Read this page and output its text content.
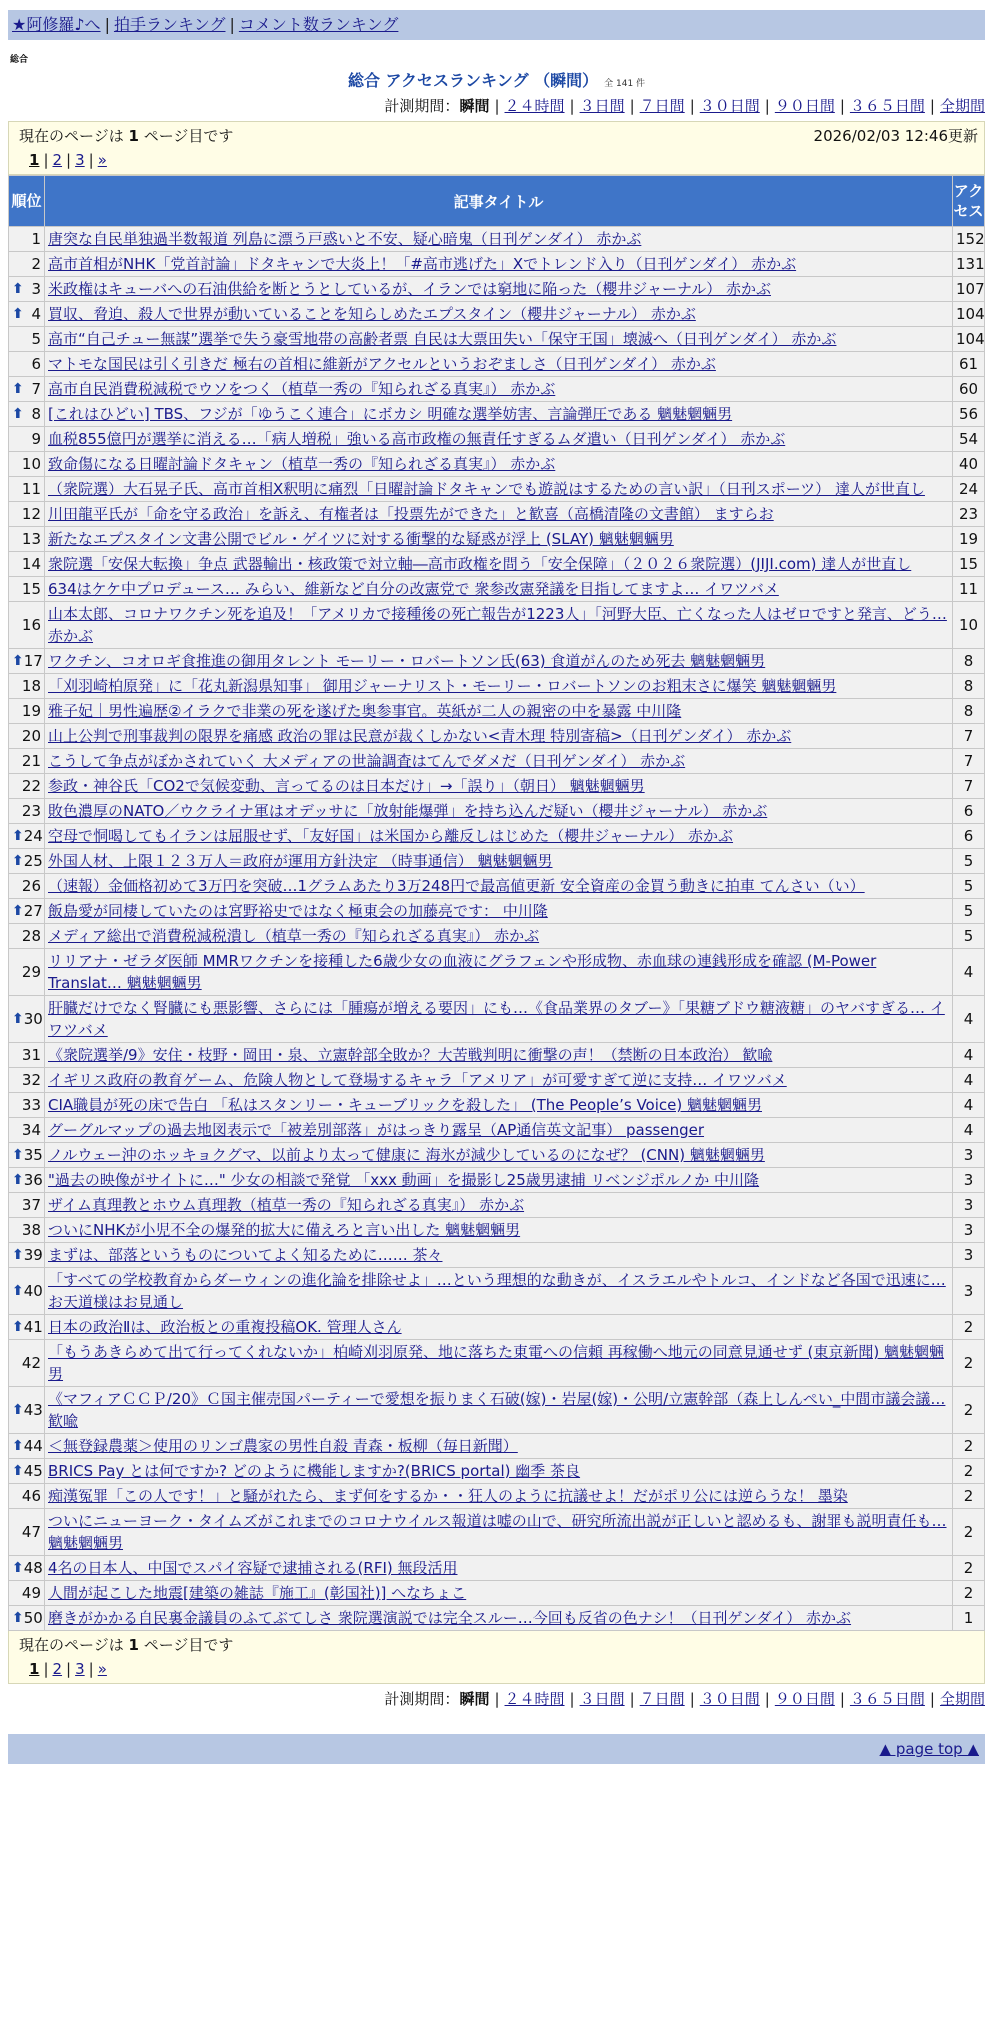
★阿修羅♪へ | 拍手ランキング | コメント数ランキング
総合
総合 アクセスランキング （瞬間） 全 141 件
計測期間：瞬間 | ２４時間 | ３日間 | ７日間 | ３０日間 | ９０日間 | ３６５日間 | 全期間
現在のページは 1 ページ目です	2026/02/03 12:46更新
1 | 2 | 3 | »
順位	記事タイトル	アクセス
1	唐突な自民単独過半数報道 列島に漂う戸惑いと不安、疑心暗鬼（日刊ゲンダイ） 赤かぶ	152
2	高市首相がNHK「党首討論」ドタキャンで大炎上！「#高市逃げた」Xでトレンド入り（日刊ゲンダイ） 赤かぶ	131

⬆ 3	米政権はキューバへの石油供給を断とうとしているが、イランでは窮地に陥った（櫻井ジャーナル） 赤かぶ	107

⬆ 4	買収、脅迫、殺人で世界が動いていることを知らしめたエプスタイン（櫻井ジャーナル） 赤かぶ	104
5	高市“自己チュー無謀”選挙で失う豪雪地帯の高齢者票 自民は大票田失い「保守王国」壊滅へ（日刊ゲンダイ） 赤かぶ	104
6	マトモな国民は引く引きだ 極右の首相に維新がアクセルというおぞましさ（日刊ゲンダイ） 赤かぶ	61

⬆ 7	高市自民消費税減税でウソをつく（植草一秀の『知られざる真実』） 赤かぶ	60

⬆ 8	[これはひどい] TBS、フジが「ゆうこく連合」にボカシ 明確な選挙妨害、言論弾圧である 魑魅魍魎男	56
9	血税855億円が選挙に消える…「病人増税」強いる高市政権の無責任すぎるムダ遣い（日刊ゲンダイ） 赤かぶ	54
10	致命傷になる日曜討論ドタキャン（植草一秀の『知られざる真実』） 赤かぶ	40
11	（衆院選）大石晃子氏、高市首相X釈明に痛烈「日曜討論ドタキャンでも遊説はするための言い訳」（日刊スポーツ） 達人が世直し	24
12	川田龍平氏が「命を守る政治」を訴え、有権者は「投票先ができた」と歓喜（高橋清隆の文書館） ますらお	23
13	新たなエプスタイン文書公開でビル・ゲイツに対する衝撃的な疑惑が浮上 (SLAY) 魑魅魍魎男	19
14	衆院選「安保大転換」争点 武器輸出・核政策で対立軸―高市政権を問う「安全保障」（２０２６衆院選）(JIJI.com) 達人が世直し	15
15	634はケケ中プロデュース… みらい、維新など自分の改憲党で 衆参改憲発議を目指してますよ… イワツバメ	11
16	山本太郎、コロナワクチン死を追及！「アメリカで接種後の死亡報告が1223人」「河野大臣、亡くなった人はゼロですと発言、どう… 赤かぶ	10

⬆ 17	ワクチン、コオロギ食推進の御用タレント モーリー・ロバートソン氏(63) 食道がんのため死去 魑魅魍魎男	8
18	「刈羽崎柏原発」に「花丸新潟県知事」 御用ジャーナリスト・モーリー・ロバートソンのお粗末さに爆笑 魑魅魍魎男	8
19	雅子妃｜男性遍歴②イラクで非業の死を遂げた奥参事官。英紙が二人の親密の中を暴露 中川隆	8
20	山上公判で刑事裁判の限界を痛感 政治の罪は民意が裁くしかない<青木理 特別寄稿>（日刊ゲンダイ） 赤かぶ	7
21	こうして争点がぼかされていく 大メディアの世論調査はてんでダメだ（日刊ゲンダイ） 赤かぶ	7
22	参政・神谷氏「CO2で気候変動、言ってるのは日本だけ」→「誤り」（朝日） 魑魅魍魎男	7
23	敗色濃厚のNATO／ウクライナ軍はオデッサに「放射能爆弾」を持ち込んだ疑い（櫻井ジャーナル） 赤かぶ	6

⬆ 24	空母で恫喝してもイランは屈服せず、「友好国」は米国から離反しはじめた（櫻井ジャーナル） 赤かぶ	6

⬆ 25	外国人材、上限１２３万人＝政府が運用方針決定 （時事通信） 魑魅魍魎男	5
26	（速報）金価格初めて3万円を突破…1グラムあたり3万248円で最高値更新 安全資産の金買う動きに拍車 てんさい（い）	5

⬆ 27	飯島愛が同棲していたのは宮野裕史ではなく極東会の加藤亮です： 中川隆	5
28	メディア総出で消費税減税潰し（植草一秀の『知られざる真実』） 赤かぶ	5
29	リリアナ・ゼラダ医師 MMRワクチンを接種した6歳少女の血液にグラフェンや形成物、赤血球の連銭形成を確認 (M-Power Translat… 魑魅魍魎男	4

⬆ 30	肝臓だけでなく腎臓にも悪影響、さらには「腫瘍が増える要因」にも…《食品業界のタブー》「果糖ブドウ糖液糖」のヤバすぎる… イワツバメ	4
31	《衆院選挙/9》安住・枝野・岡田・泉、立憲幹部全敗か？大苦戦判明に衝撃の声！（禁断の日本政治） 歓喩	4
32	イギリス政府の教育ゲーム、危険人物として登場するキャラ「アメリア」が可愛すぎて逆に支持… イワツバメ	4
33	CIA職員が死の床で告白 「私はスタンリー・キューブリックを殺した」 (The People’s Voice) 魑魅魍魎男	4
34	グーグルマップの過去地図表示で「被差別部落」がはっきり露呈（AP通信英文記事） passenger	4

⬆ 35	ノルウェー沖のホッキョクグマ、以前より太って健康に 海氷が減少しているのになぜ？ (CNN) 魑魅魍魎男	3

⬆ 36	"過去の映像がサイトに…" 少女の相談で発覚 「xxx 動画」を撮影し25歳男逮捕 リベンジポルノか 中川隆	3
37	ザイム真理教とホウム真理教（植草一秀の『知られざる真実』） 赤かぶ	3
38	ついにNHKが小児不全の爆発的拡大に備えろと言い出した 魑魅魍魎男	3

⬆ 39	まずは、部落というものについてよく知るために…… 茶々	3

⬆ 40	「すべての学校教育からダーウィンの進化論を排除せよ」…という理想的な動きが、イスラエルやトルコ、インドなど各国で迅速に… お天道様はお見通し	3

⬆ 41	日本の政治Ⅱは、政治板との重複投稿OK. 管理人さん	2
42	「もうあきらめて出て行ってくれないか」柏崎刈羽原発、地に落ちた東電への信頼 再稼働へ地元の同意見通せず (東京新聞) 魑魅魍魎男	2

⬆ 43	《マフィアＣＣＰ/20》Ｃ国主催売国パーティーで愛想を振りまく石破(嫁)・岩屋(嫁)・公明/立憲幹部（森上しんぺい_中間市議会議… 歓喩	2

⬆ 44	＜無登録農薬＞使用のリンゴ農家の男性自殺 青森・板柳（毎日新聞）	2

⬆ 45	BRICS Pay とは何ですか? どのように機能しますか?(BRICS portal) 幽季 茶良	2
46	痴漢冤罪「この人です！」と騒がれたら、まず何をするか・・狂人のように抗議せよ！だがポリ公には逆らうな！ 墨染	2
47	ついにニューヨーク・タイムズがこれまでのコロナウイルス報道は嘘の山で、研究所流出説が正しいと認めるも、謝罪も説明責任も… 魑魅魍魎男	2

⬆ 48	4名の日本人、中国でスパイ容疑で逮捕される(RFI) 無段活用	2
49	人間が起こした地震[建築の雑誌『施工』(彰国社)] へなちょこ	2

⬆ 50	磨きがかかる自民裏金議員のふてぶてしさ 衆院選演説では完全スルー…今回も反省の色ナシ！（日刊ゲンダイ） 赤かぶ	1
現在のページは 1 ページ目です
1 | 2 | 3 | »
計測期間：瞬間 | ２４時間 | ３日間 | ７日間 | ３０日間 | ９０日間 | ３６５日間 | 全期間
▲ page top ▲
